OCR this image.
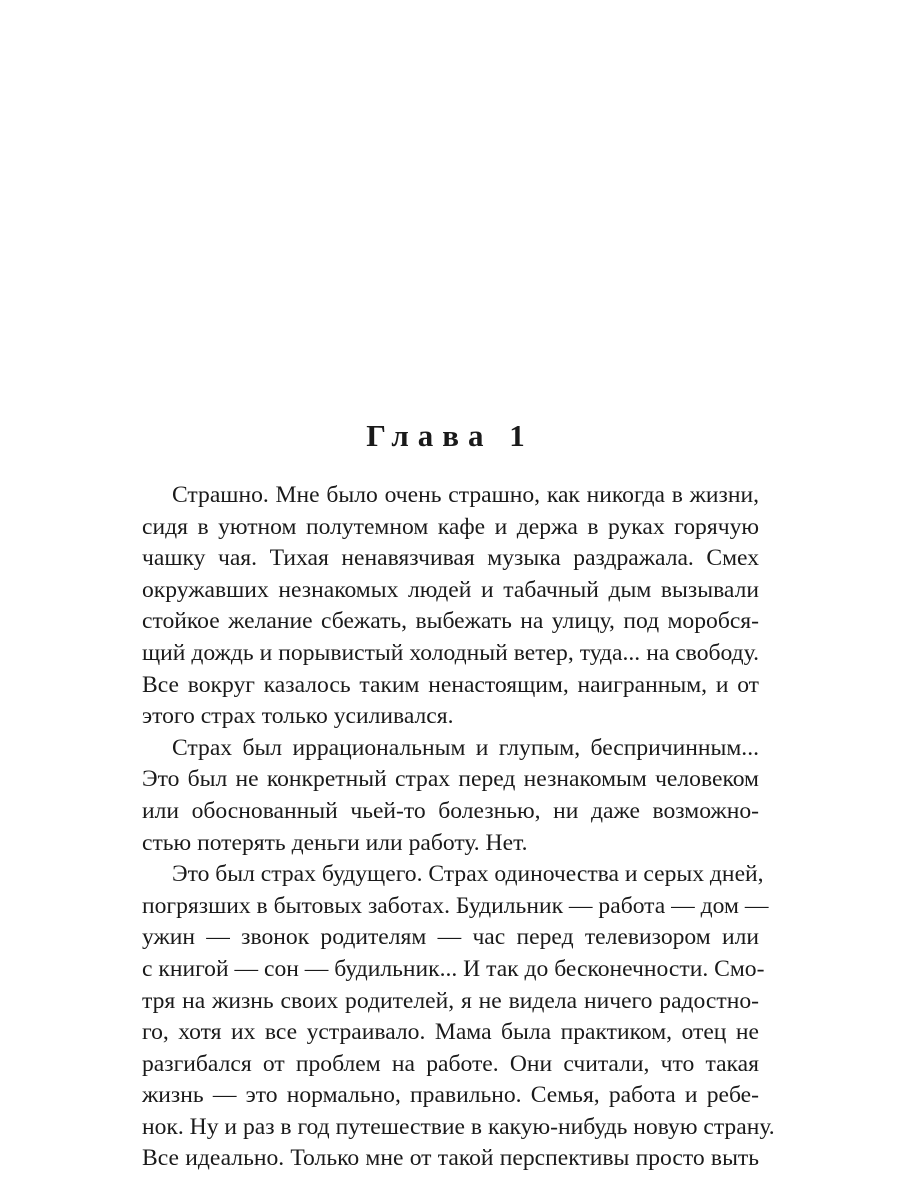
Глава 1
Страшно. Мне было очень страшно, как никогда в жизни,
сидя в уютном полутемном кафе и держа в руках горячую
чашку чая. Тихая ненавязчивая музыка раздражала. Смех
окружавших незнакомых людей и табачный дым вызывали
стойкое желание сбежать, выбежать на улицу, под моробся-
щий дождь и порывистый холодный ветер, туда... на свободу.
Все вокруг казалось таким ненастоящим, наигранным, и от
этого страх только усиливался.
Страх был иррациональным и глупым, беспричинным...
Это был не конкретный страх перед незнакомым человеком
или обоснованный чьей-то болезнью, ни даже возможно-
стью потерять деньги или работу. Нет.
Это был страх будущего. Страх одиночества и серых дней,
погрязших в бытовых заботах. Будильник — работа — дом —
ужин — звонок родителям — час перед телевизором или
с книгой — сон — будильник... И так до бесконечности. Смо-
тря на жизнь своих родителей, я не видела ничего радостно-
го, хотя их все устраивало. Мама была практиком, отец не
разгибался от проблем на работе. Они считали, что такая
жизнь — это нормально, правильно. Семья, работа и ребе-
нок. Ну и раз в год путешествие в какую-нибудь новую страну.
Все идеально. Только мне от такой перспективы просто выть
